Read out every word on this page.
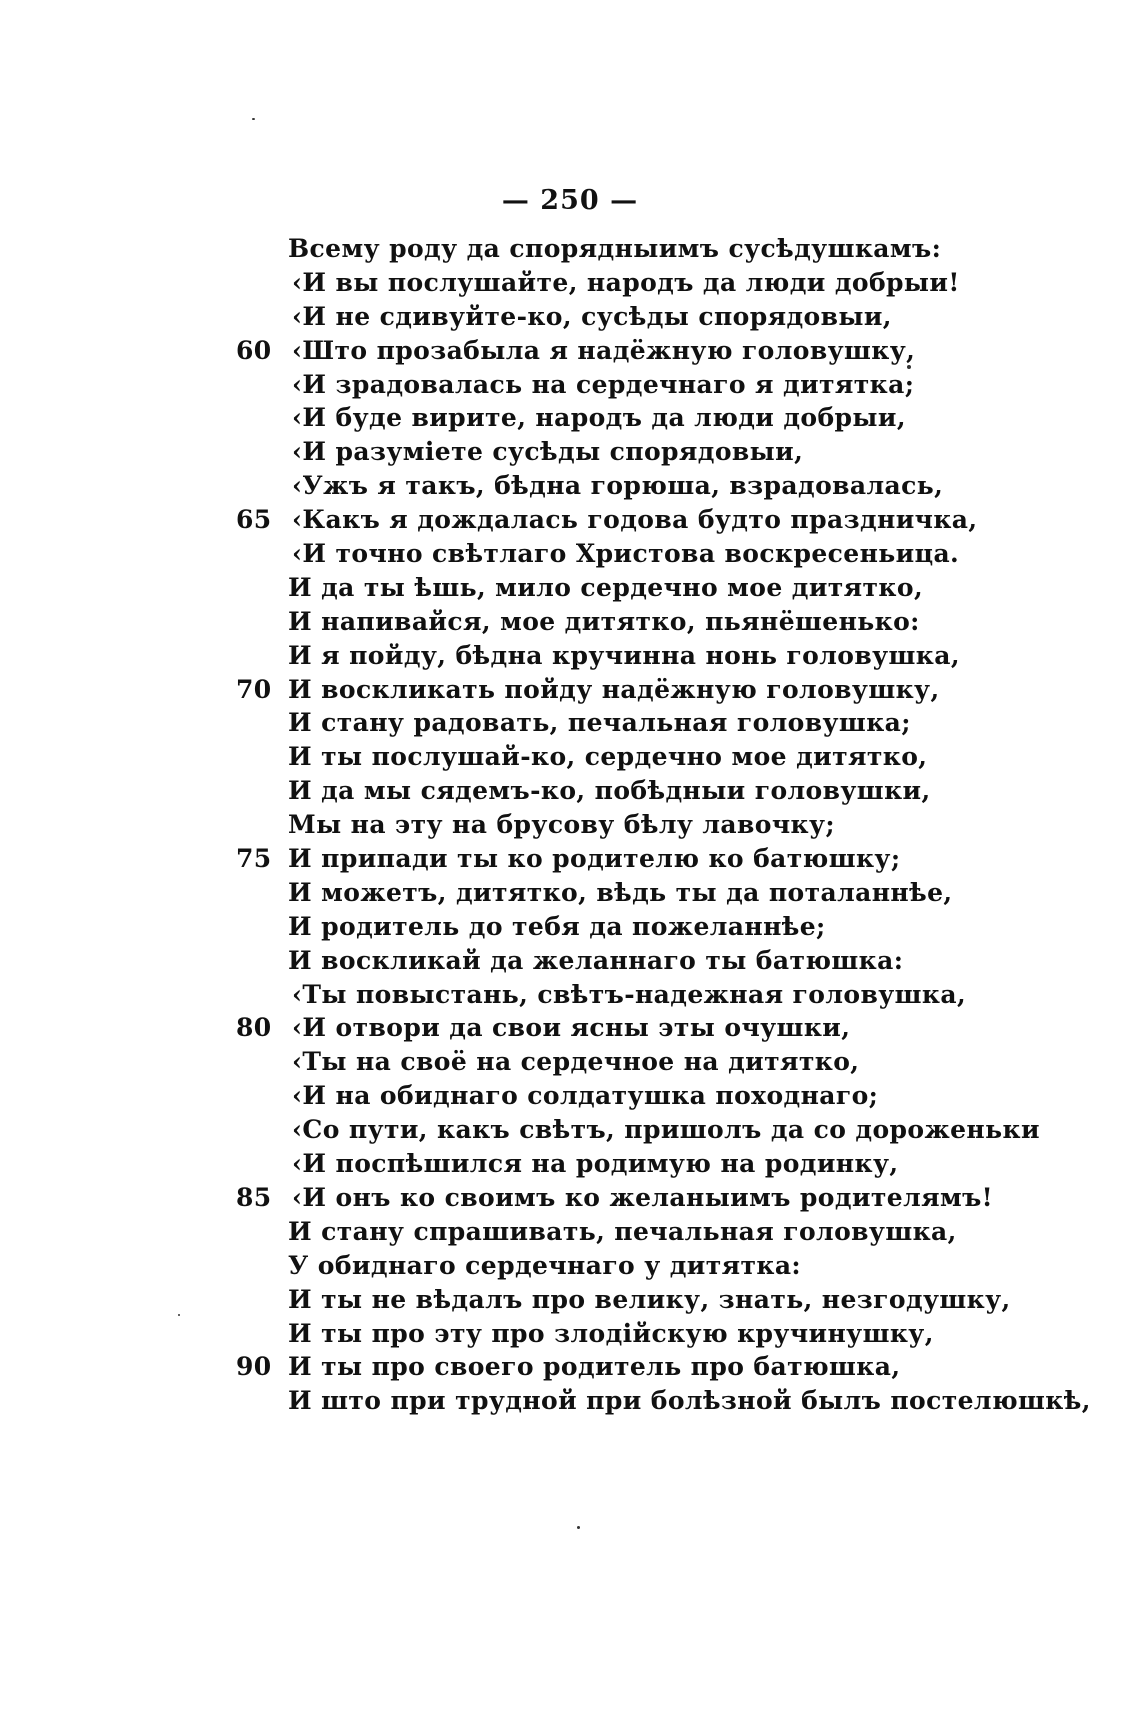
— 250 —
Всему роду да спорядныимъ сусѣдушкамъ:
‹И вы послушайте, народъ да люди добрыи!
‹И не сдивуйте-ко, сусѣды спорядовыи,
60 ‹Што прозабыла я надёжную головушку,
‹И зрадовалась на сердечнаго я дитятка;
‹И буде вирите, народъ да люди добрыи,
‹И разуміете сусѣды спорядовыи,
‹Ужъ я такъ, бѣдна горюша, взрадовалась,
65 ‹Какъ я дождалась годова будто праздничка,
‹И точно свѣтлаго Христова воскресеньица.
И да ты ѣшь, мило сердечно мое дитятко,
И напивайся, мое дитятко, пьянёшенько:
И я пойду, бѣдна кручинна нонь головушка,
70 И воскликать пойду надёжную головушку,
И стану радовать, печальная головушка;
И ты послушай-ко, сердечно мое дитятко,
И да мы сядемъ-ко, побѣдныи головушки,
Мы на эту на брусову бѣлу лавочку;
75 И припади ты ко родителю ко батюшку;
И можетъ, дитятко, вѣдь ты да поталаннѣе,
И родитель до тебя да пожеланнѣе;
И воскликай да желаннаго ты батюшка:
‹Ты повыстань, свѣтъ-надежная головушка,
80 ‹И отвори да свои ясны эты очушки,
‹Ты на своё на сердечное на дитятко,
‹И на обиднаго солдатушка походнаго;
‹Со пути, какъ свѣтъ, пришолъ да со дороженьки
‹И поспѣшился на родимую на родинку,
85 ‹И онъ ко своимъ ко желаныимъ родителямъ!
И стану спрашивать, печальная головушка,
У обиднаго сердечнаго у дитятка:
И ты не вѣдалъ про велику, знать, незгодушку,
И ты про эту про злодійскую кручинушку,
90 И ты про своего родитель про батюшка,
И што при трудной при болѣзной былъ постелюшкѣ,
